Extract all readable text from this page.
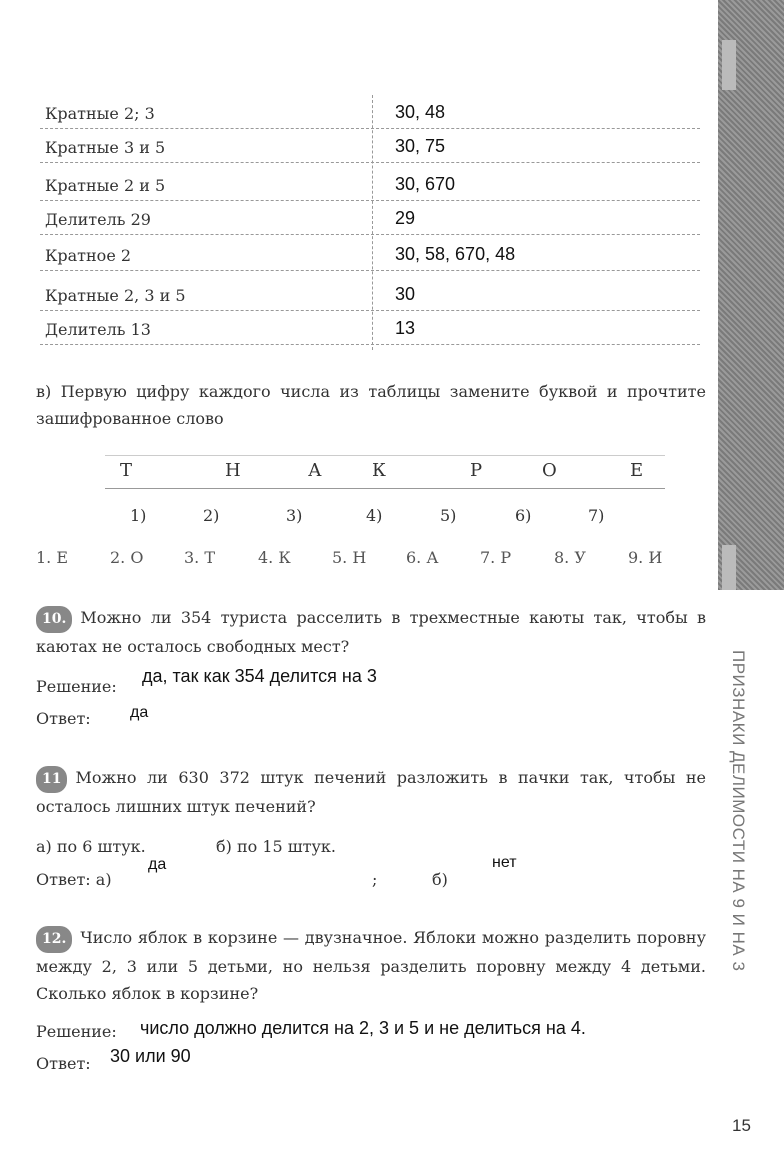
ПРИЗНАКИ ДЕЛИМОСТИ НА 9 И НА 3
в) Первую цифру каждого числа из таблицы замените буквой и прочтите зашифрованное слово
10. Можно ли 354 туриста расселить в трехместные каюты так, чтобы в каютах не осталось свободных мест?
Решение:
да, так как 354 делится на 3
Ответ: да
11 Можно ли 630 372 штук печений разложить в пачки так, чтобы не осталось лишних штук печений?
а) по 6 штук.	б) по 15 штук.
Ответ: а)
да
;	б)
нет
12. Число яблок в корзине — двузначное. Яблоки можно разделить поровну между 2, 3 или 5 детьми, но нельзя разделить поровну между 4 детьми. Сколько яблок в корзине?
Решение: число должно делится на 2, 3 и 5 и не делиться на 4.
Ответ: 30 или 90
15
Кратные 2; 3	30, 48
Кратные 3 и 5	30, 75
Кратные 2 и 5	30, 670
Делитель 29	29
Кратное 2	30, 58, 670, 48
Кратные 2, 3 и 5	30
Делитель 13	13
Т	Н	А	К	Р	О	Е
1)	2)	3)	4)	5)	6)	7)
1. Е	2. О	3. Т	4. К	5. Н 6. А	7. Р	8. У	9. И
